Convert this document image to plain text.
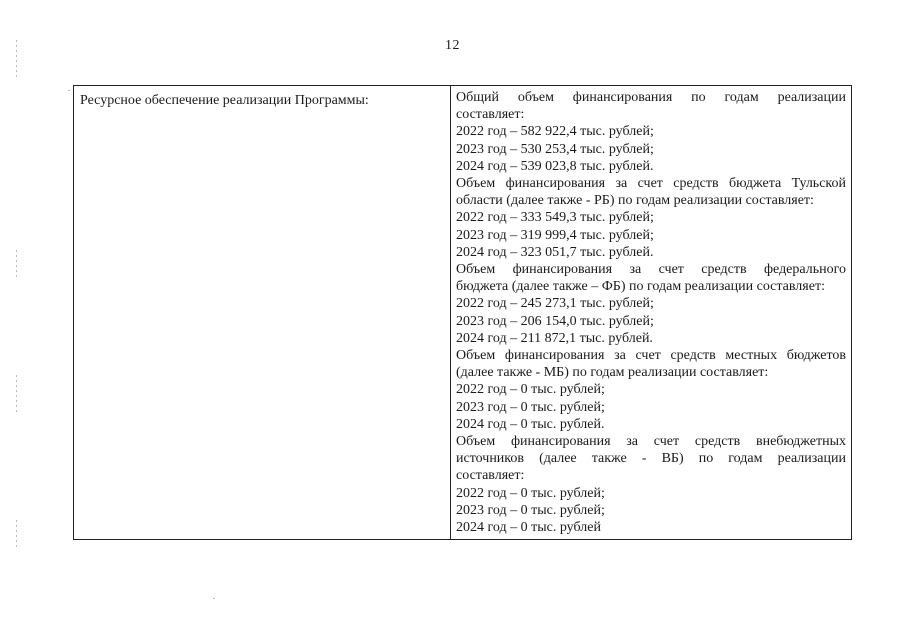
12
Ресурсное обеспечение реализации Программы:	Общий объем финансирования по годам реализации
составляет:
2022 год – 582 922,4 тыс. рублей;
2023 год – 530 253,4 тыс. рублей;
2024 год – 539 023,8 тыс. рублей.
Объем финансирования за счет средств бюджета Тульской
области (далее также - РБ) по годам реализации составляет:
2022 год – 333 549,3 тыс. рублей;
2023 год – 319 999,4 тыс. рублей;
2024 год – 323 051,7 тыс. рублей.
Объем финансирования за счет средств федерального
бюджета (далее также – ФБ) по годам реализации составляет:
2022 год – 245 273,1 тыс. рублей;
2023 год – 206 154,0 тыс. рублей;
2024 год – 211 872,1 тыс. рублей.
Объем финансирования за счет средств местных бюджетов
(далее также - МБ) по годам реализации составляет:
2022 год – 0 тыс. рублей;
2023 год – 0 тыс. рублей;
2024 год – 0 тыс. рублей.
Объем финансирования за счет средств внебюджетных
источников (далее также - ВБ) по годам реализации
составляет:
2022 год – 0 тыс. рублей;
2023 год – 0 тыс. рублей;
2024 год – 0 тыс. рублей
